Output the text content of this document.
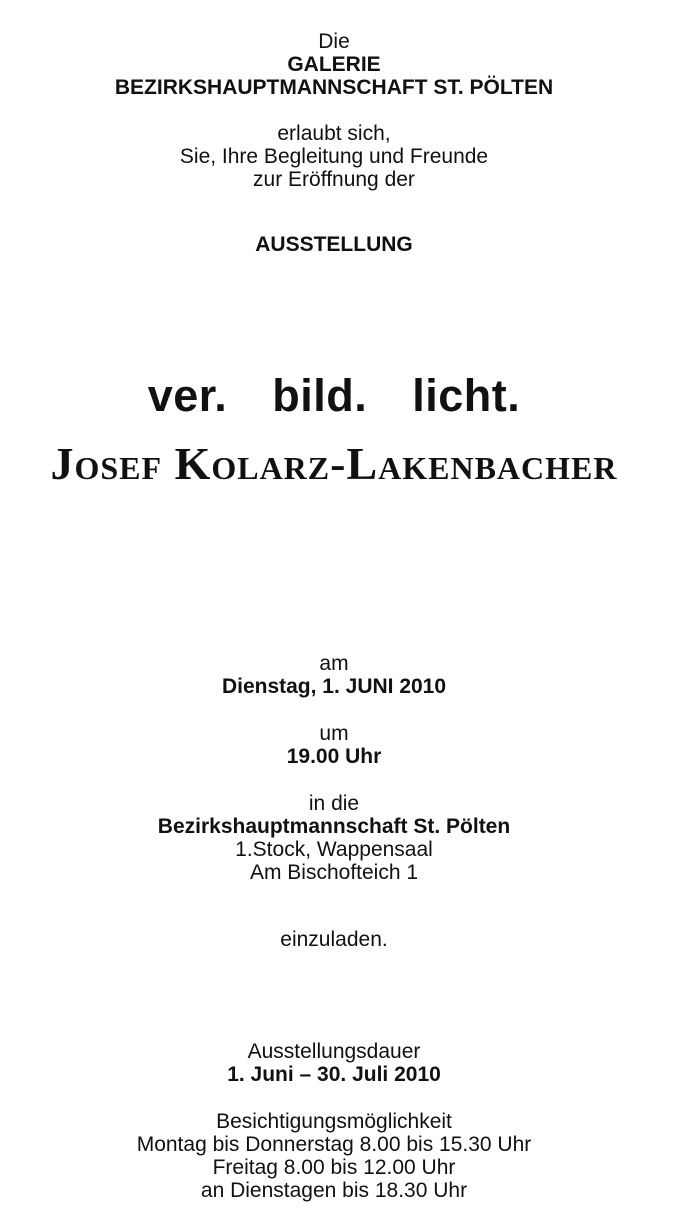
Die
GALERIE
BEZIRKSHAUPTMANNSCHAFT ST. PÖLTEN
erlaubt sich,
Sie, Ihre Begleitung und Freunde
zur Eröffnung der
AUSSTELLUNG
ver. bild. licht.
Josef Kolarz-Lakenbacher
am
Dienstag, 1. JUNI 2010
um
19.00 Uhr
in die
Bezirkshauptmannschaft St. Pölten
1.Stock, Wappensaal
Am Bischofteich 1
einzuladen.
Ausstellungsdauer
1. Juni – 30. Juli 2010
Besichtigungsmöglichkeit
Montag bis Donnerstag 8.00 bis 15.30 Uhr
Freitag 8.00 bis 12.00 Uhr
an Dienstagen bis 18.30 Uhr
